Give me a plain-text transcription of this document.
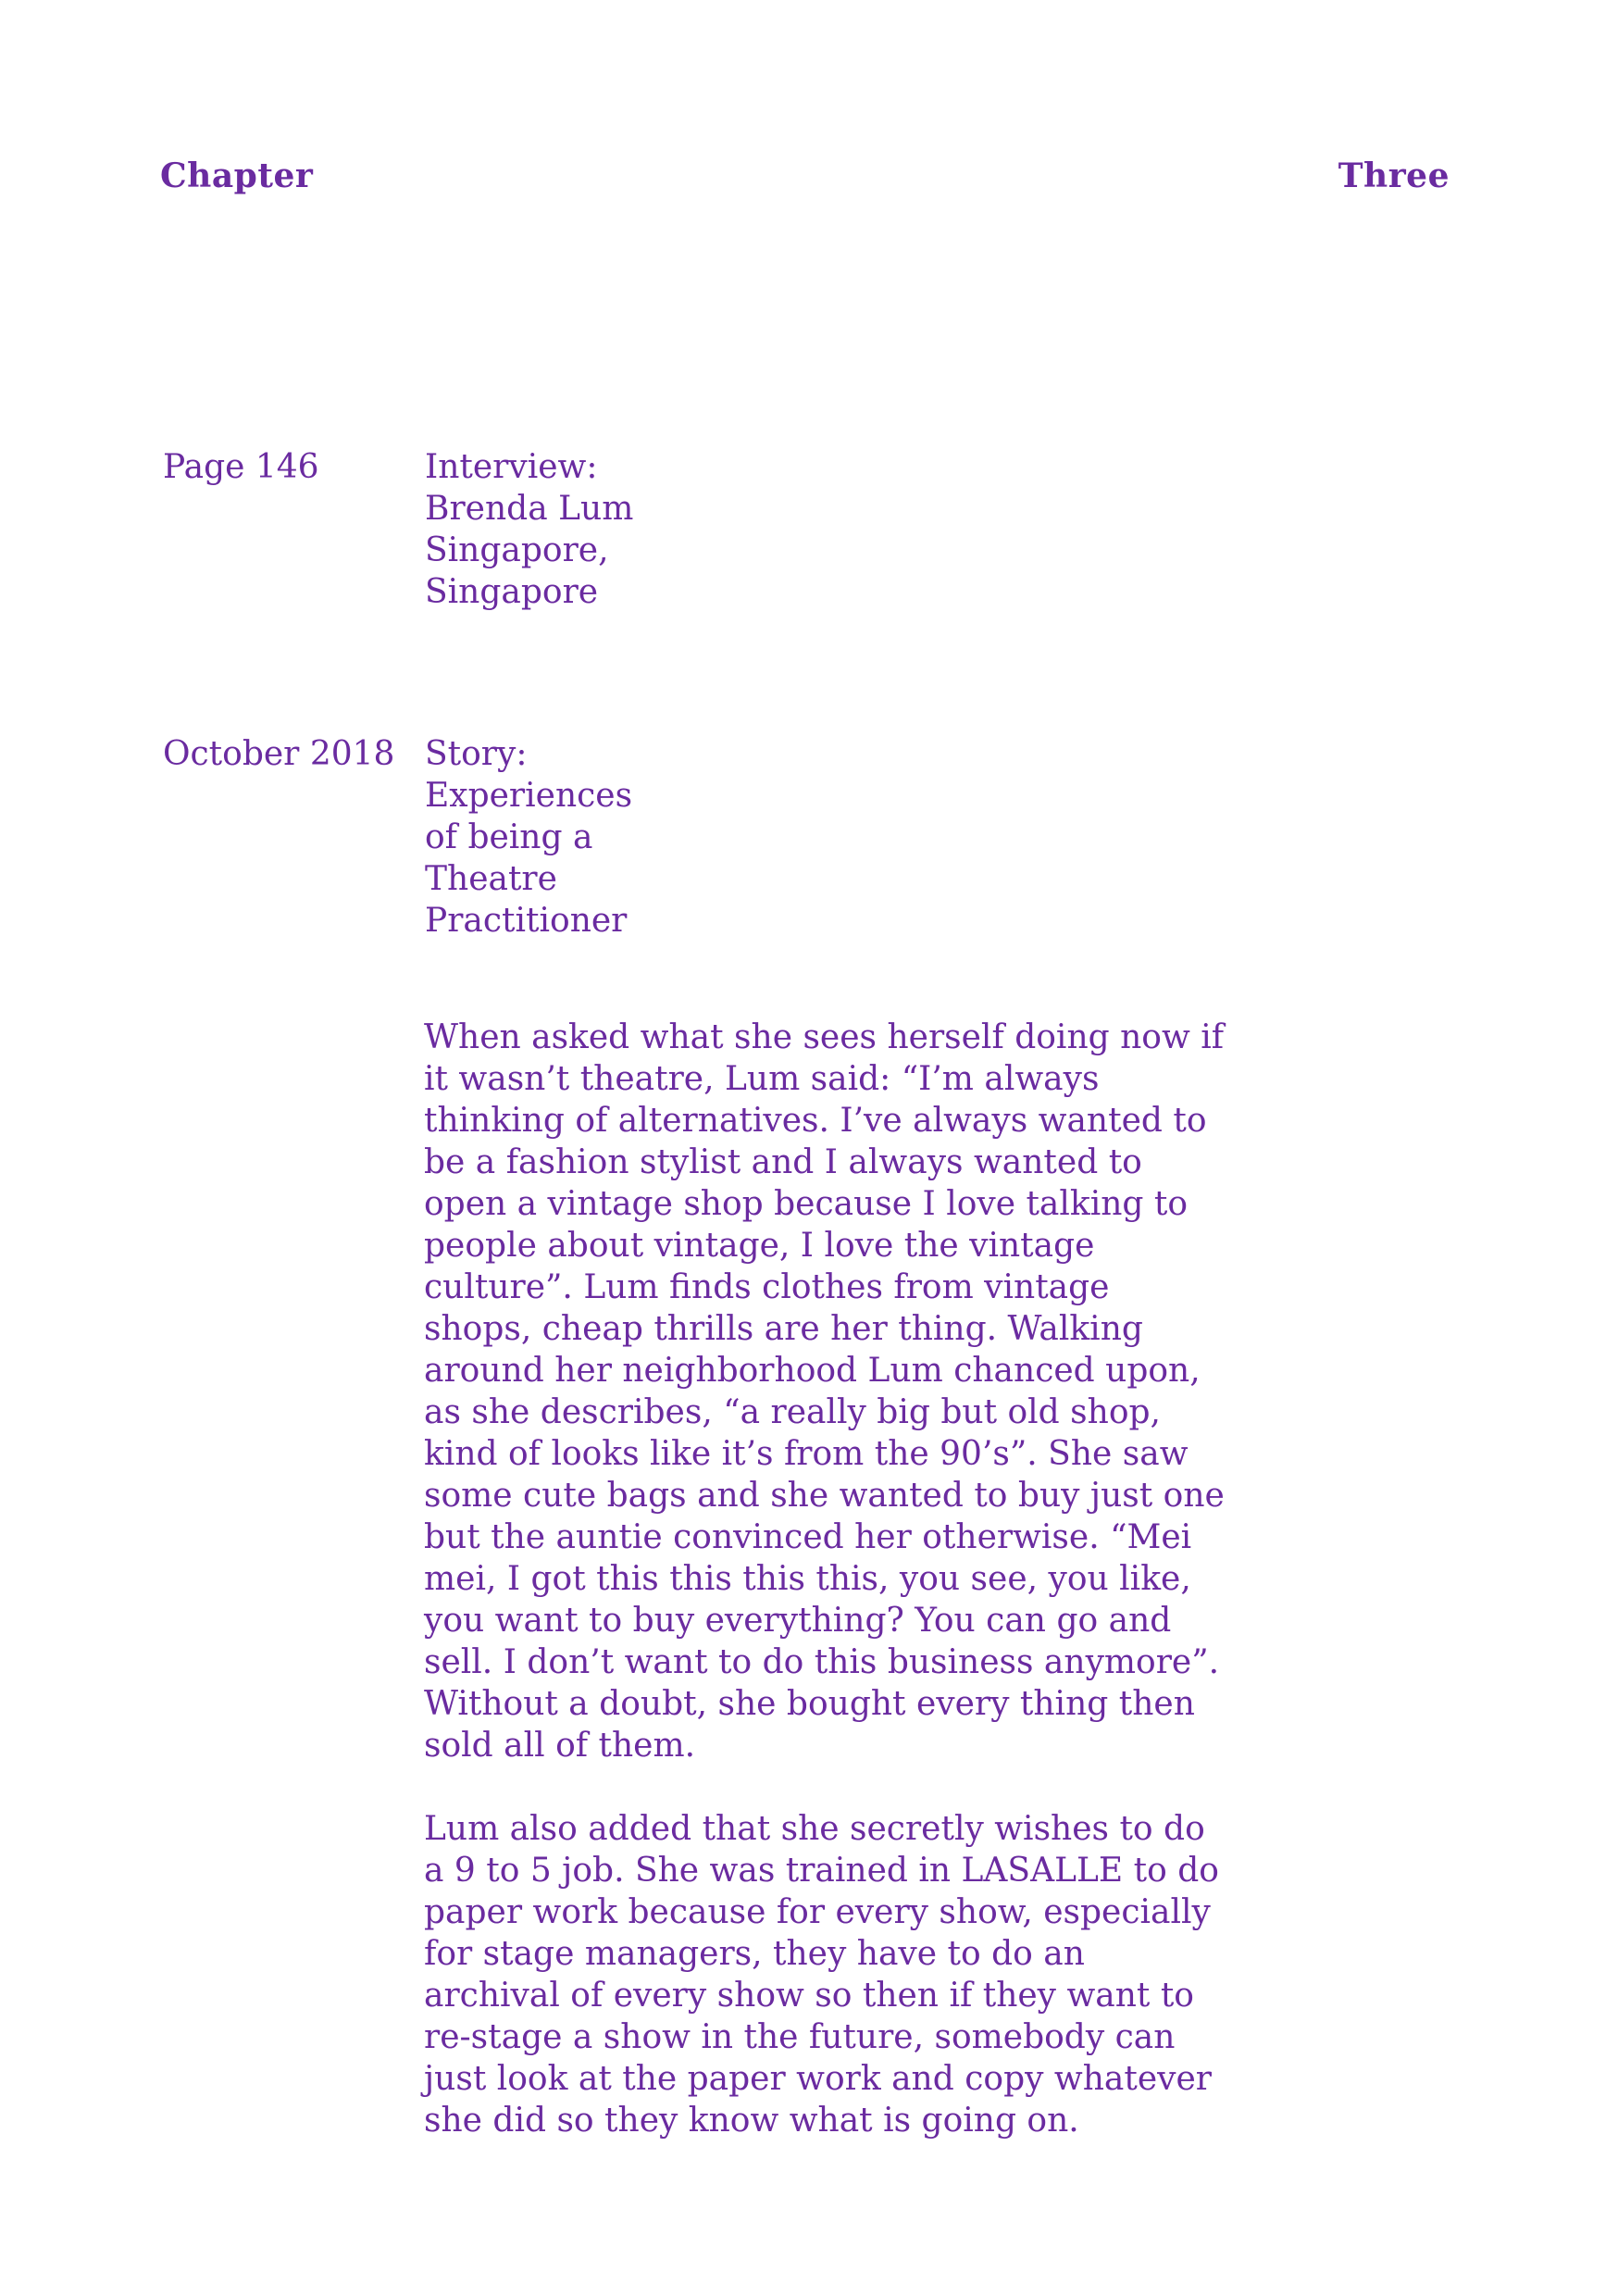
Chapter	Three
Page 146	Interview:
Brenda Lum
Singapore,
Singapore
October 2018 Story:
Experiences
of being a
Theatre
Practitioner
When asked what she sees herself doing now if
it wasn’t theatre, Lum said: “I’m always
thinking of alternatives. I’ve always wanted to
be a fashion stylist and I always wanted to
open a vintage shop because I love talking to
people about vintage, I love the vintage
culture”. Lum finds clothes from vintage
shops, cheap thrills are her thing. Walking
around her neighborhood Lum chanced upon,
as she describes, “a really big but old shop,
kind of looks like it’s from the 90’s”. She saw
some cute bags and she wanted to buy just one
but the auntie convinced her otherwise. “Mei
mei, I got this this this this, you see, you like,
you want to buy everything? You can go and
sell. I don’t want to do this business anymore”.
Without a doubt, she bought every thing then
sold all of them.
Lum also added that she secretly wishes to do
a 9 to 5 job. She was trained in LASALLE to do
paper work because for every show, especially
for stage managers, they have to do an
archival of every show so then if they want to
re-stage a show in the future, somebody can
just look at the paper work and copy whatever
she did so they know what is going on.
